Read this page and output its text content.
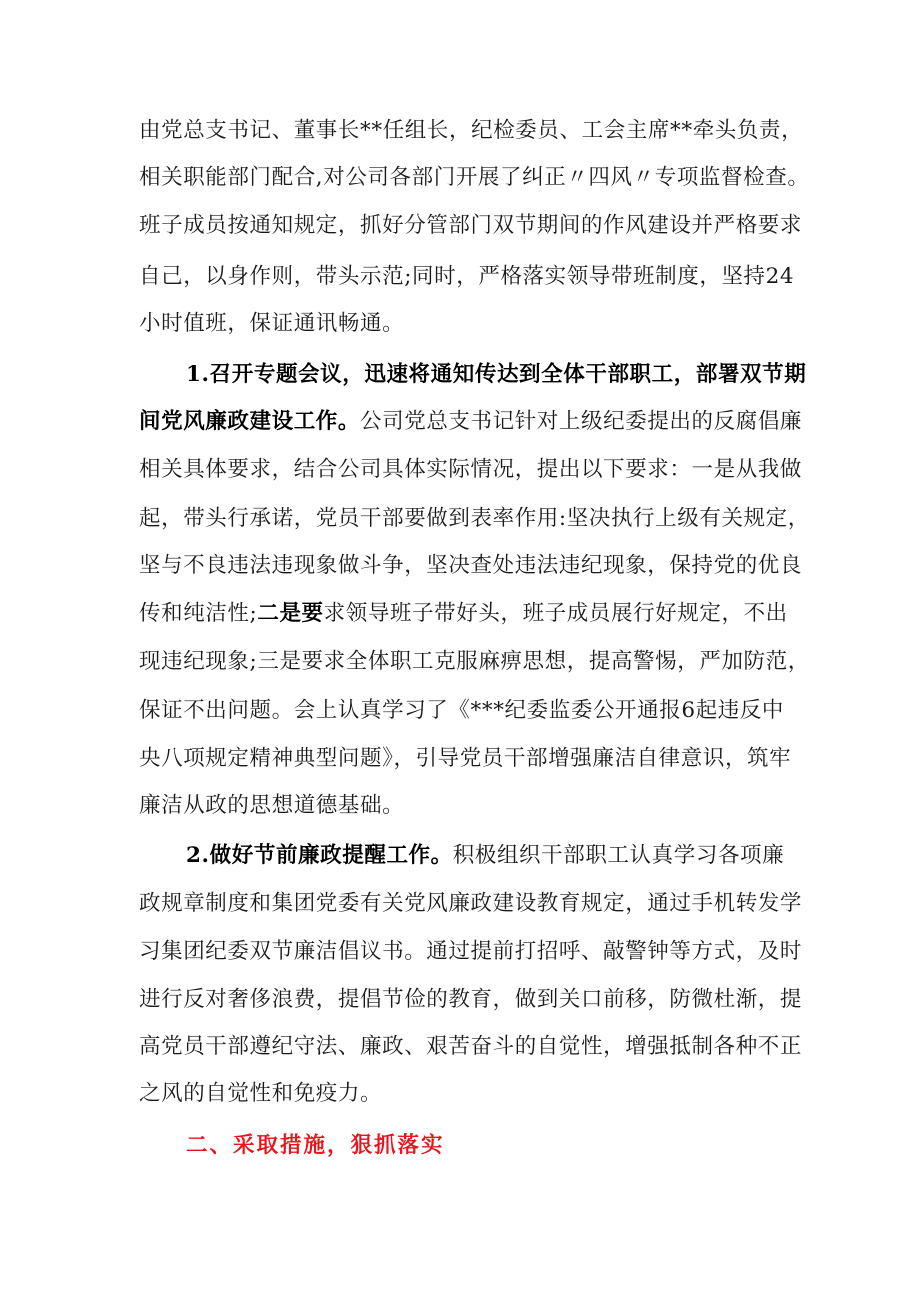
由党总支书记、董事长**任组长，纪检委员、工会主席**牵头负责，
相关职能部门配合,对公司各部门开展了纠正〃四风〃专项监督检查。
班子成员按通知规定，抓好分管部门双节期间的作风建设并严格要求
自己，以身作则，带头示范;同时，严格落实领导带班制度，坚持24
小时值班，保证通讯畅通。
1.召开专题会议，迅速将通知传达到全体干部职工，部署双节期
间党风廉政建设工作。公司党总支书记针对上级纪委提出的反腐倡廉
相关具体要求，结合公司具体实际情况，提出以下要求：一是从我做
起，带头行承诺，党员干部要做到表率作用:坚决执行上级有关规定，
坚与不良违法违现象做斗争，坚决查处违法违纪现象，保持党的优良
传和纯洁性;二是要求领导班子带好头，班子成员展行好规定，不出
现违纪现象;三是要求全体职工克服麻痹思想，提高警惕，严加防范，
保证不出问题。会上认真学习了《***纪委监委公开通报6起违反中
央八项规定精神典型问题》，引导党员干部增强廉洁自律意识，筑牢
廉洁从政的思想道德基础。
2.做好节前廉政提醒工作。积极组织干部职工认真学习各项廉
政规章制度和集团党委有关党风廉政建设教育规定，通过手机转发学
习集团纪委双节廉洁倡议书。通过提前打招呼、敲警钟等方式，及时
进行反对奢侈浪费，提倡节俭的教育，做到关口前移，防微杜渐，提
高党员干部遵纪守法、廉政、艰苦奋斗的自觉性，增强抵制各种不正
之风的自觉性和免疫力。
二、采取措施，狠抓落实
